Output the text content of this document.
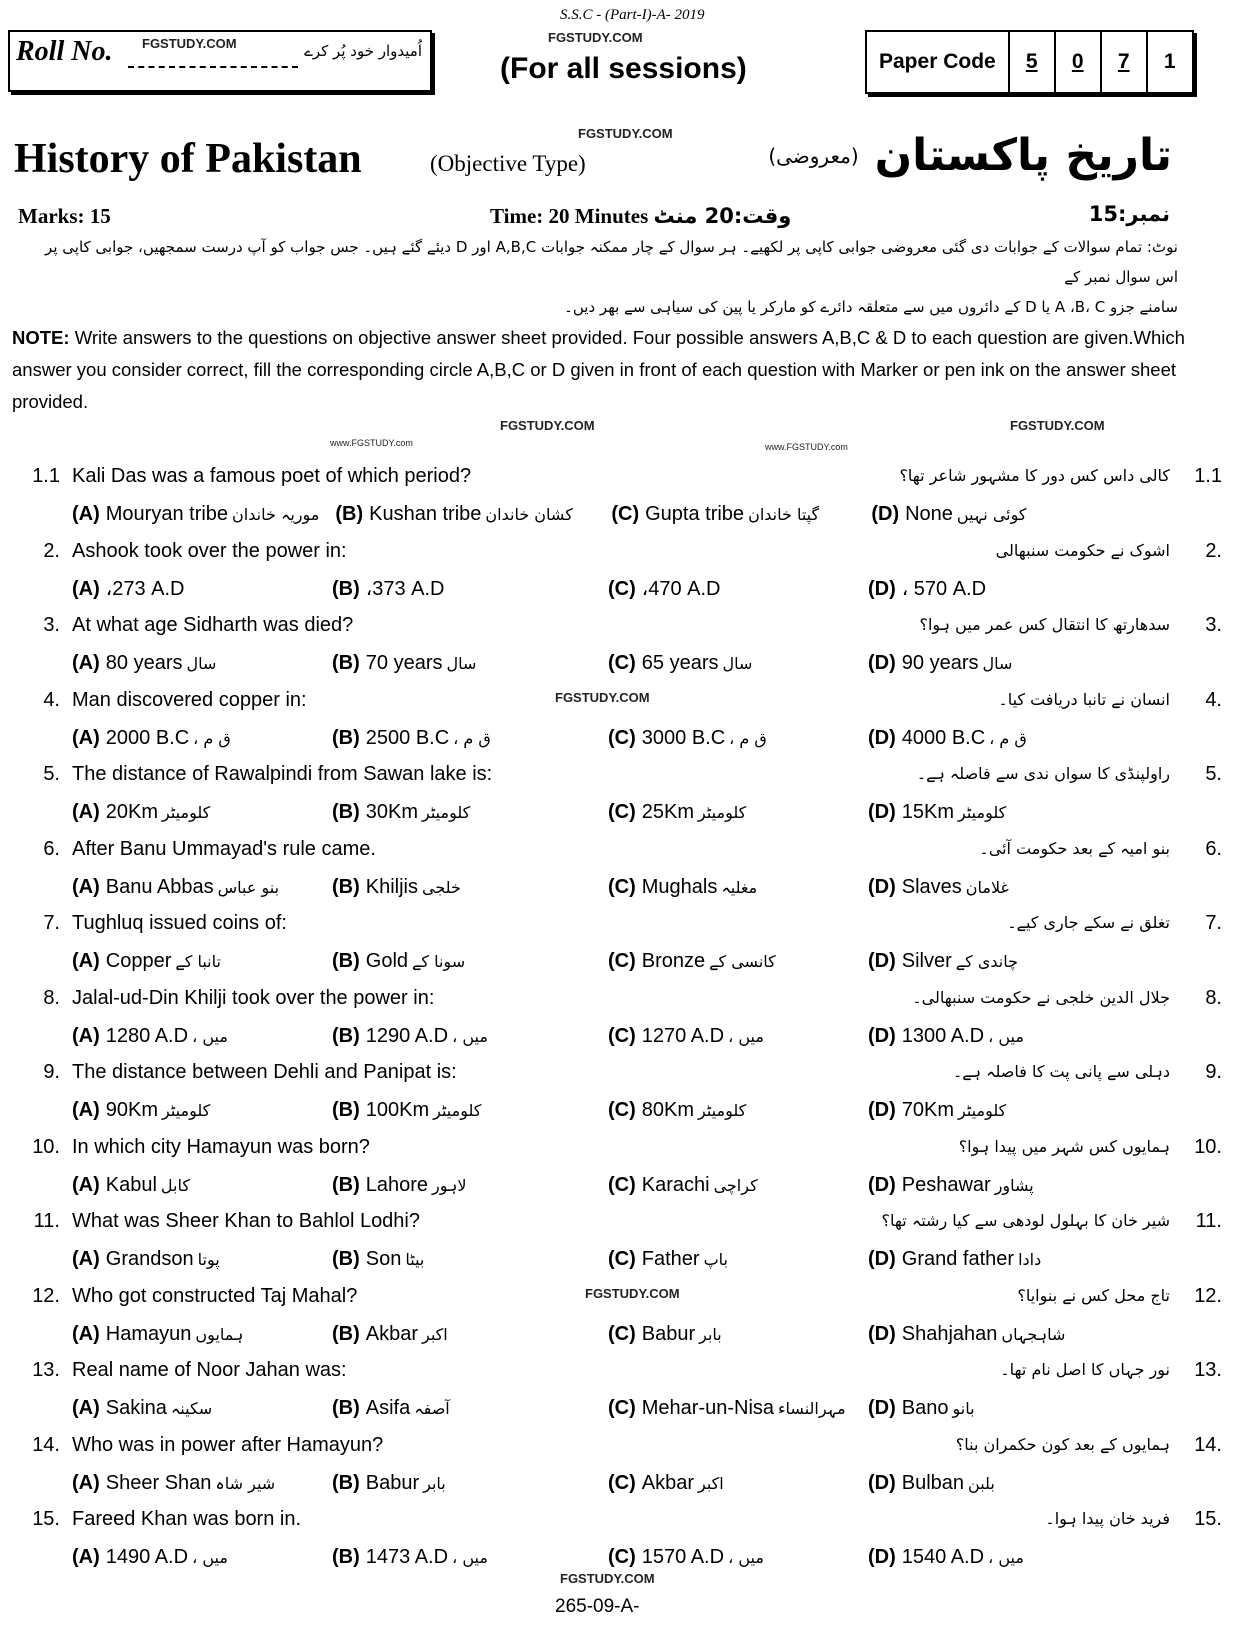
S.S.C - (Part-I)-A- 2019
Roll No.	اُمیدوار خود پُر کرے
FGSTUDY.COM	FGSTUDY.COM
(For all sessions)	Paper Code	5	0	7	1
History of Pakistan	(Objective Type)
FGSTUDY.COM	تاریخ پاکستان
(معروضی)
Marks: 15	Time: 20 Minutes وقت:20 منٹ	نمبر:15
نوٹ: تمام سوالات کے جوابات دی گئی معروضی جوابی کاپی پر لکھیے۔ ہر سوال کے چار ممکنہ جوابات A,B,C اور D دیئے گئے ہیں۔ جس جواب کو آپ درست سمجھیں، جوابی کاپی پر اس سوال نمبر کے
سامنے جزو A ،B، C یا D کے دائروں میں سے متعلقہ دائرے کو مارکر یا پین کی سیاہی سے بھر دیں۔
NOTE: Write answers to the questions on objective answer sheet provided. Four possible answers A,B,C & D to each question are given.Which answer you consider correct, fill the corresponding circle A,B,C or D given in front of each question with Marker or pen ink on the answer sheet provided.
FGSTUDY.COM	FGSTUDY.COM
www.FGSTUDY.com	www.FGSTUDY.com
1.1 Kali Das was a famous poet of which period?	کالی داس کس دور کا مشہور شاعر تھا؟ 1.1
(A) Mouryan tribe موریہ خاندان (B) Kushan tribe کشان خاندان	(C) Gupta tribe گپتا خاندان	(D) None کوئی نہیں
2. Ashook took over the power in:	اشوک نے حکومت سنبھالی 2.
(A) ،273 A.D	(B) ،373 A.D	(C) ،470 A.D	(D) ، 570 A.D
3. At what age Sidharth was died?	سدھارتھ کا انتقال کس عمر میں ہوا؟ 3.
(A) 80 years سال	(B) 70 years سال	(C) 65 years سال	(D) 90 years سال
4. Man discovered copper in:	انسان نے تانبا دریافت کیا۔ 4.
(A) 2000 B.C ق م ،	(B) 2500 B.C ق م ،	(C) 3000 B.C ق م ،	(D) 4000 B.C ق م ،
FGSTUDY.COM
5. The distance of Rawalpindi from Sawan lake is:	راولپنڈی کا سواں ندی سے فاصلہ ہے۔ 5.
(A) 20Km کلومیٹر	(B) 30Km کلومیٹر	(C) 25Km کلومیٹر	(D) 15Km کلومیٹر
6. After Banu Ummayad's rule came.	بنو امیہ کے بعد حکومت آئی۔ 6.
(A) Banu Abbas بنو عباس	(B) Khiljis خلجی	(C) Mughals مغلیہ	(D) Slaves غلامان
7. Tughluq issued coins of:	تغلق نے سکے جاری کیے۔ 7.
(A) Copper تانبا کے	(B) Gold سونا کے	(C) Bronze کانسی کے	(D) Silver چاندی کے
8. Jalal-ud-Din Khilji took over the power in:	جلال الدین خلجی نے حکومت سنبھالی۔ 8.
(A) 1280 A.D میں ،	(B) 1290 A.D میں ،	(C) 1270 A.D میں ،	(D) 1300 A.D میں ،
9. The distance between Dehli and Panipat is:	دہلی سے پانی پت کا فاصلہ ہے۔ 9.
(A) 90Km کلومیٹر	(B) 100Km کلومیٹر	(C) 80Km کلومیٹر	(D) 70Km کلومیٹر
10. In which city Hamayun was born?	ہمایوں کس شہر میں پیدا ہوا؟ 10.
(A) Kabul کابل	(B) Lahore لاہور	(C) Karachi کراچی	(D) Peshawar پشاور
11. What was Sheer Khan to Bahlol Lodhi?	شیر خان کا بہلول لودھی سے کیا رشتہ تھا؟ 11.
(A) Grandson پوتا	(B) Son بیٹا	(C) Father باپ	(D) Grand father دادا
12. Who got constructed Taj Mahal?	تاج محل کس نے بنوایا؟ 12.
(A) Hamayun ہمایوں	(B) Akbar اکبر	(C) Babur بابر	(D) Shahjahan شاہجہاں
FGSTUDY.COM
13. Real name of Noor Jahan was:	نور جہاں کا اصل نام تھا۔ 13.
(A) Sakina سکینہ	(B) Asifa آصفہ	(C) Mehar-un-Nisa مہرالنساء	(D) Bano بانو
14. Who was in power after Hamayun?	ہمایوں کے بعد کون حکمران بنا؟ 14.
(A) Sheer Shan شیر شاہ	(B) Babur بابر	(C) Akbar اکبر	(D) Bulban بلبن
15. Fareed Khan was born in.	فرید خان پیدا ہوا۔ 15.
(A) 1490 A.D میں ،	(B) 1473 A.D میں ،	(C) 1570 A.D میں ،	(D) 1540 A.D میں ،
FGSTUDY.COM
265-09-A-
